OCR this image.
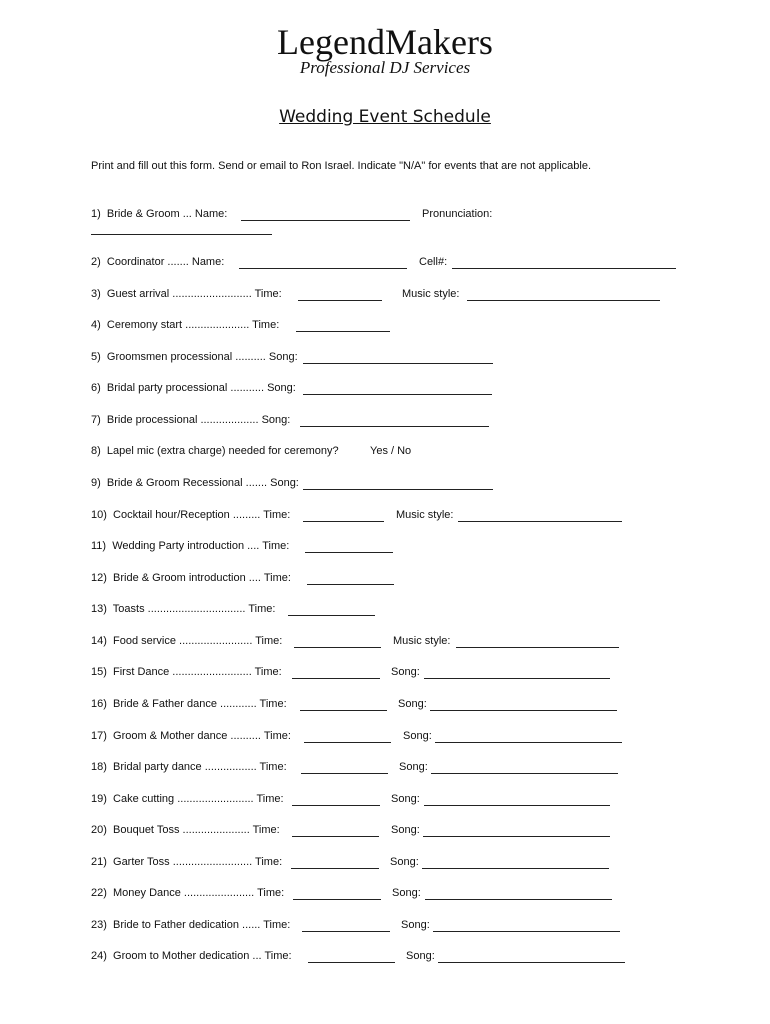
LegendMakers
Professional DJ Services
Wedding Event Schedule
Print and fill out this form. Send or email to Ron Israel. Indicate "N/A" for events that are not applicable.

1)  Bride & Groom ... Name:

	Pronunciation:

2)  Coordinator ....... Name:

	Cell#:

3)  Guest arrival .......................... Time:

	Music style:

4)  Ceremony start ..................... Time:

5)  Groomsmen processional .......... Song:

6)  Bridal party processional ........... Song:

7)  Bride processional ................... Song:

8)  Lapel mic (extra charge) needed for ceremony?

	Yes / No

9)  Bride & Groom Recessional ....... Song:

10)  Cocktail hour/Reception ......... Time:

	Music style:

11)  Wedding Party introduction .... Time:

12)  Bride & Groom introduction .... Time:

13)  Toasts ................................ Time:

14)  Food service ........................ Time:

	Music style:

15)  First Dance .......................... Time:

	Song:

16)  Bride & Father dance ............ Time:

	Song:

17)  Groom & Mother dance .......... Time:

	Song:

18)  Bridal party dance ................. Time:

	Song:

19)  Cake cutting ......................... Time:

	Song:

20)  Bouquet Toss ...................... Time:

	Song:

21)  Garter Toss .......................... Time:

	Song:

22)  Money Dance ....................... Time:

	Song:

23)  Bride to Father dedication ...... Time:

	Song:

24)  Groom to Mother dedication ... Time:

	Song:
